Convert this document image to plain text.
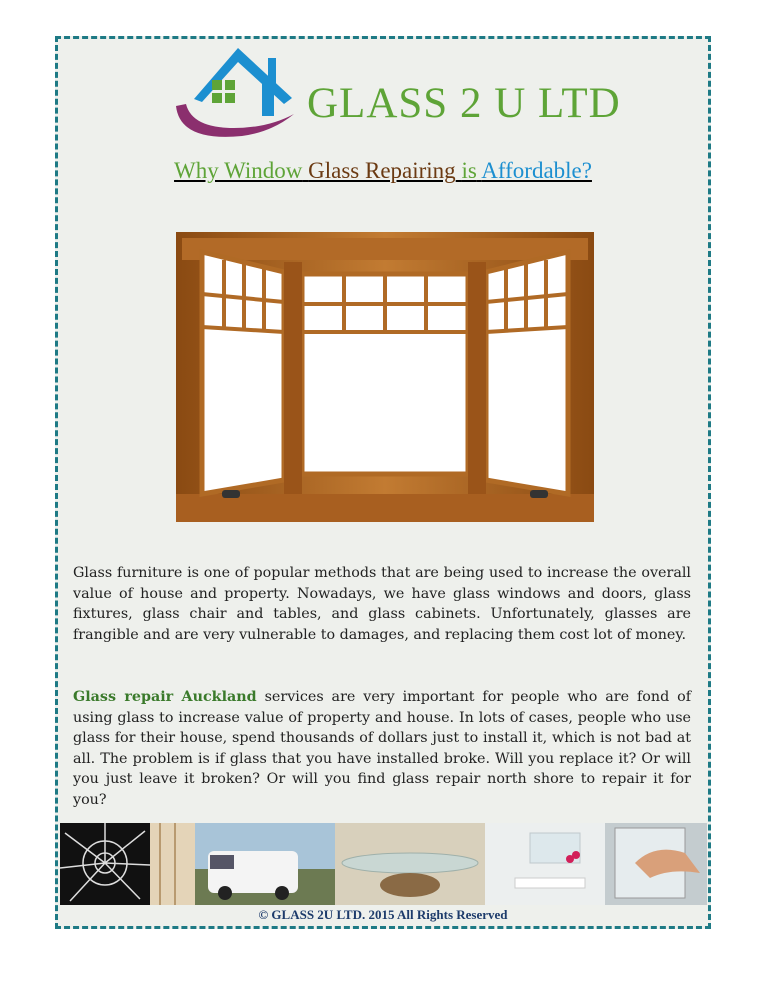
GLASS 2 U LTD
Why Window Glass Repairing is Affordable?

Glass furniture is one of popular methods that are being used to increase the overall value of house and property. Nowadays, we have glass windows and doors, glass fixtures, glass chair and tables, and glass cabinets. Unfortunately, glasses are frangible and are very vulnerable to damages, and replacing them cost lot of money.

Glass repair Auckland services are very important for people who are fond of using glass to increase value of property and house. In lots of cases, people who use glass for their house, spend thousands of dollars just to install it, which is not bad at all. The problem is if glass that you have installed broke. Will you replace it? Or will you just leave it broken? Or will you find glass repair north shore to repair it for you?

© GLASS 2U LTD. 2015 All Rights Reserved
